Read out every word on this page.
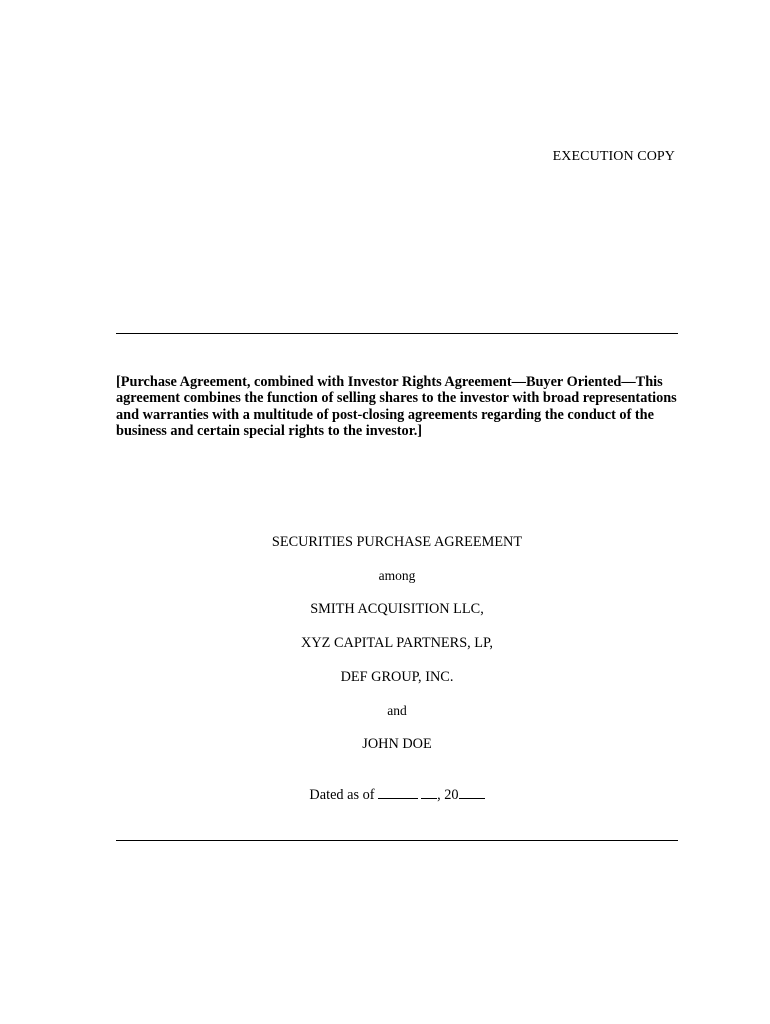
EXECUTION COPY
[Purchase Agreement, combined with Investor Rights Agreement—Buyer Oriented—This agreement combines the function of selling shares to the investor with broad representations and warranties with a multitude of post-closing agreements regarding the conduct of the business and certain special rights to the investor.]
SECURITIES PURCHASE AGREEMENT
among
SMITH ACQUISITION LLC,
XYZ CAPITAL PARTNERS, LP,
DEF GROUP, INC.
and
JOHN DOE
Dated as of	, 20
